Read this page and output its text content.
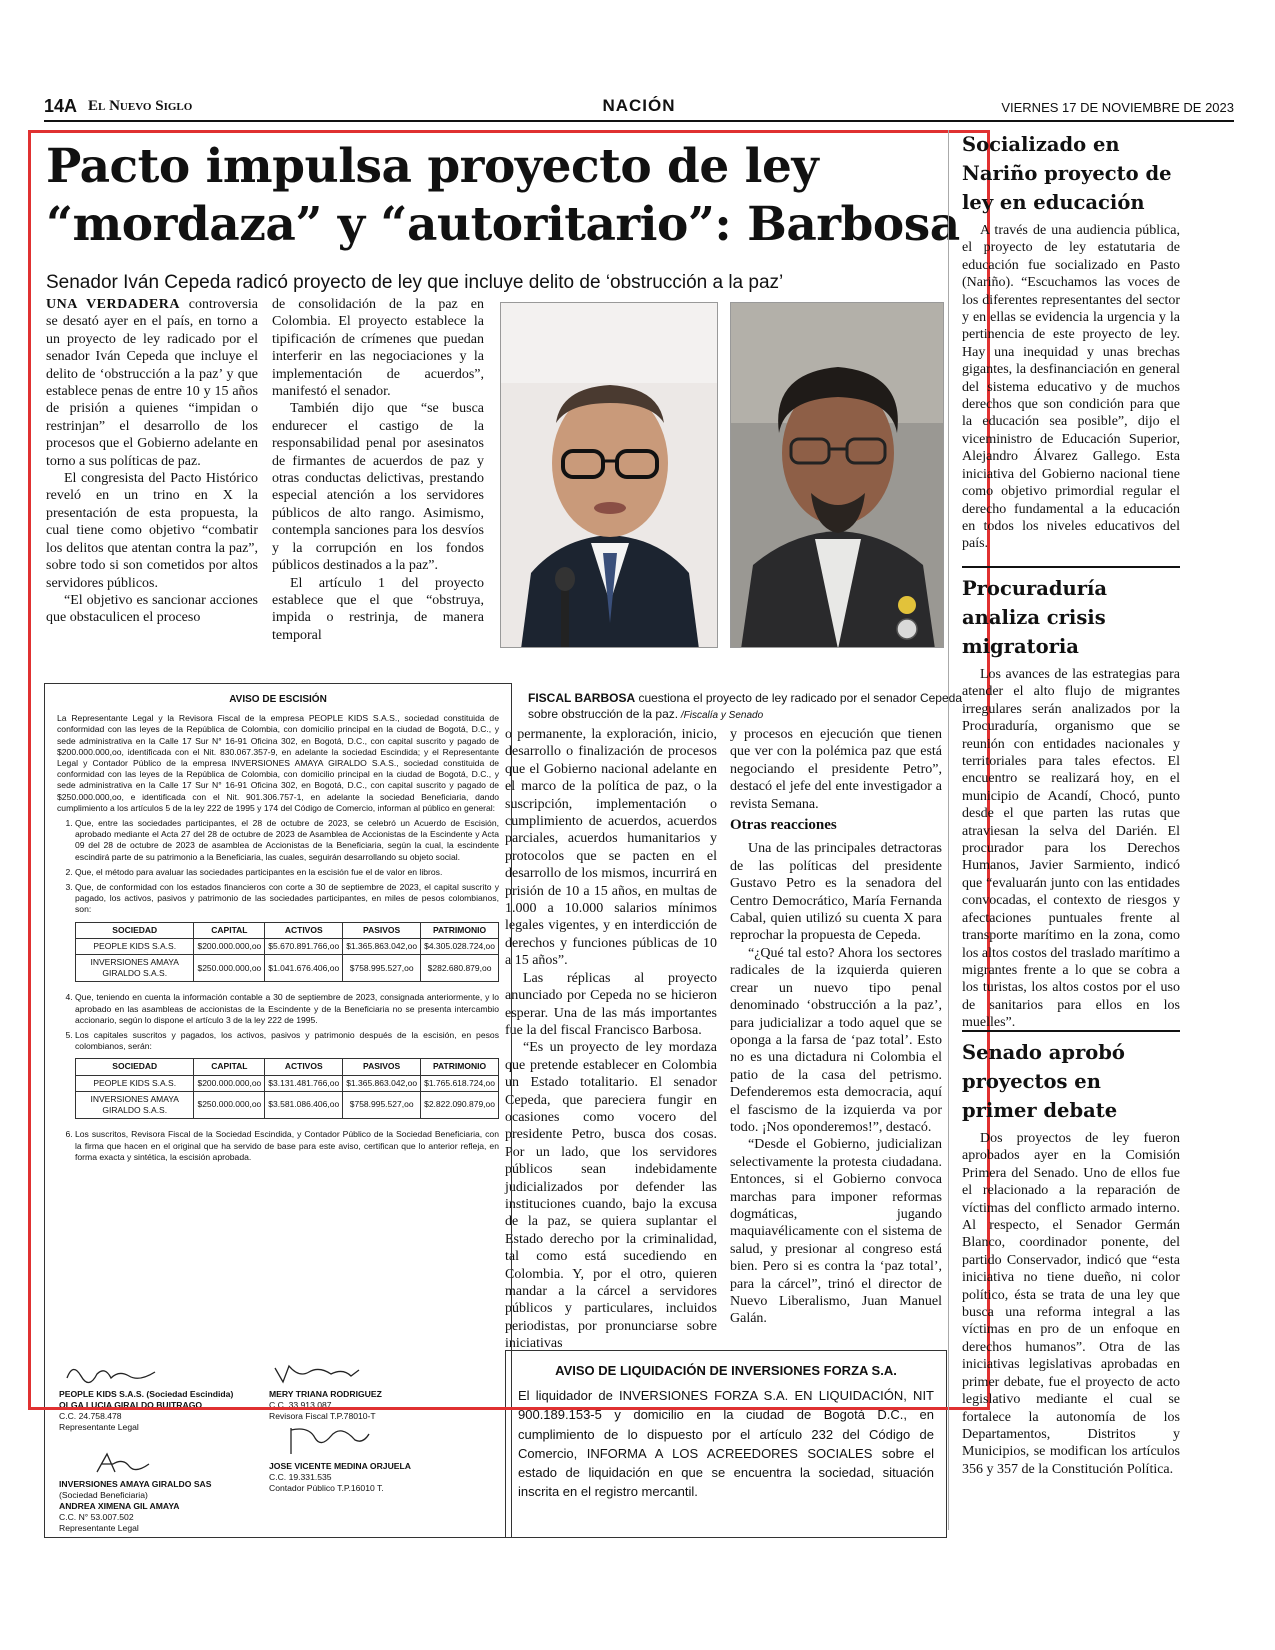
14A El Nuevo Siglo	NACIÓN	VIERNES 17 DE NOVIEMBRE DE 2023
Pacto impulsa proyecto de ley
“mordaza” y “autoritario”: Barbosa
Senador Iván Cepeda radicó proyecto de ley que incluye delito de ‘obstrucción a la paz’

UNA VERDADERA controversia se desató ayer en el país, en torno a un proyecto de ley radicado por el senador Iván Cepeda que incluye el delito de ‘obstrucción a la paz’ y que establece penas de entre 10 y 15 años de prisión a quienes “impidan o restrinjan” el desarrollo de los procesos que el Gobierno adelante en torno a sus políticas de paz.

El congresista del Pacto Histórico reveló en un trino en X la presentación de esta propuesta, la cual tiene como objetivo “combatir los delitos que atentan contra la paz”, sobre todo si son cometidos por altos servidores públicos.

“El objetivo es sancionar acciones que obstaculicen el proceso

de consolidación de la paz en Colombia. El proyecto establece la tipificación de crímenes que puedan interferir en las negociaciones y la implementación de acuerdos”, manifestó el senador.

También dijo que “se busca endurecer el castigo de la responsabilidad penal por asesinatos de firmantes de acuerdos de paz y otras conductas delictivas, prestando especial atención a los servidores públicos de alto rango. Asimismo, contempla sanciones para los desvíos y la corrupción en los fondos públicos destinados a la paz”.

El artículo 1 del proyecto establece que el que “obstruya, impida o restrinja, de manera temporal

FISCAL BARBOSA cuestiona el proyecto de ley radicado por el senador Cepeda sobre obstrucción de la paz. /Fiscalía y Senado

o permanente, la exploración, inicio, desarrollo o finalización de procesos que el Gobierno nacional adelante en el marco de la política de paz, o la suscripción, implementación o cumplimiento de acuerdos, acuerdos parciales, acuerdos humanitarios y protocolos que se pacten en el desarrollo de los mismos, incurrirá en prisión de 10 a 15 años, en multas de 1.000 a 10.000 salarios mínimos legales vigentes, y en interdicción de derechos y funciones públicas de 10 a 15 años”.

Las réplicas al proyecto anunciado por Cepeda no se hicieron esperar. Una de las más importantes fue la del fiscal Francisco Barbosa.

“Es un proyecto de ley mordaza que pretende establecer en Colombia un Estado totalitario. El senador Cepeda, que pareciera fungir en ocasiones como vocero del presidente Petro, busca dos cosas. Por un lado, que los servidores públicos sean indebidamente judicializados por defender las instituciones cuando, bajo la excusa de la paz, se quiera suplantar el Estado derecho por la criminalidad, tal como está sucediendo en Colombia. Y, por el otro, quieren mandar a la cárcel a servidores públicos y particulares, incluidos periodistas, por pronunciarse sobre iniciativas

y procesos en ejecución que tienen que ver con la polémica paz que está negociando el presidente Petro”, destacó el jefe del ente investigador a revista Semana.

Otras reacciones

Una de las principales detractoras de las políticas del presidente Gustavo Petro es la senadora del Centro Democrático, María Fernanda Cabal, quien utilizó su cuenta X para reprochar la propuesta de Cepeda.

“¿Qué tal esto? Ahora los sectores radicales de la izquierda quieren crear un nuevo tipo penal denominado ‘obstrucción a la paz’, para judicializar a todo aquel que se oponga a la farsa de ‘paz total’. Esto no es una dictadura ni Colombia el patio de la casa del petrismo. Defenderemos esta democracia, aquí el fascismo de la izquierda va por todo. ¡Nos oponderemos!”, destacó.

“Desde el Gobierno, judicializan selectivamente la protesta ciudadana. Entonces, si el Gobierno convoca marchas para imponer reformas dogmáticas, jugando maquiavélicamente con el sistema de salud, y presionar al congreso está bien. Pero si es contra la ‘paz total’, para la cárcel”, trinó el director de Nuevo Liberalismo, Juan Manuel Galán.

AVISO DE ESCISIÓN

La Representante Legal y la Revisora Fiscal de la empresa PEOPLE KIDS S.A.S., sociedad constituida de conformidad con las leyes de la República de Colombia, con domicilio principal en la ciudad de Bogotá, D.C., y sede administrativa en la Calle 17 Sur N° 16-91 Oficina 302, en Bogotá, D.C., con capital suscrito y pagado de $200.000.000,oo, identificada con el Nit. 830.067.357-9, en adelante la sociedad Escindida; y el Representante Legal y Contador Público de la empresa INVERSIONES AMAYA GIRALDO S.A.S., sociedad constituida de conformidad con las leyes de la República de Colombia, con domicilio principal en la ciudad de Bogotá, D.C., y sede administrativa en la Calle 17 Sur N° 16-91 Oficina 302, en Bogotá, D.C., con capital suscrito y pagado de $250.000.000,oo, e identificada con el Nit. 901.306.757-1, en adelante la sociedad Beneficiaria, dando cumplimiento a los artículos 5 de la ley 222 de 1995 y 174 del Código de Comercio, informan al público en general:

1. Que, entre las sociedades participantes, el 28 de octubre de 2023, se celebró un Acuerdo de Escisión, aprobado mediante el Acta 27 del 28 de octubre de 2023 de Asamblea de Accionistas de la Escindente y Acta 09 del 28 de octubre de 2023 de asamblea de Accionistas de la Beneficiaria, según la cual, la escindente escindirá parte de su patrimonio a la Beneficiaria, las cuales, seguirán desarrollando su objeto social.
2. Que, el método para avaluar las sociedades participantes en la escisión fue el de valor en libros.
3. Que, de conformidad con los estados financieros con corte a 30 de septiembre de 2023, el capital suscrito y pagado, los activos, pasivos y patrimonio de las sociedades participantes, en miles de pesos colombianos, son:
SOCIEDAD	CAPITAL	ACTIVOS	PASIVOS	PATRIMONIO
PEOPLE KIDS S.A.S.	$200.000.000,oo	$5.670.891.766,oo	$1.365.863.042,oo	$4.305.028.724,oo
INVERSIONES AMAYA GIRALDO S.A.S.	$250.000.000,oo	$1.041.676.406,oo	$758.995.527,oo	$282.680.879,oo
4. Que, teniendo en cuenta la información contable a 30 de septiembre de 2023, consignada anteriormente, y lo aprobado en las asambleas de accionistas de la Escindente y de la Beneficiaria no se presenta intercambio accionario, según lo dispone el artículo 3 de la ley 222 de 1995.
5. Los capitales suscritos y pagados, los activos, pasivos y patrimonio después de la escisión, en pesos colombianos, serán:
SOCIEDAD	CAPITAL	ACTIVOS	PASIVOS	PATRIMONIO
PEOPLE KIDS S.A.S.	$200.000.000,oo	$3.131.481.766,oo	$1.365.863.042,oo	$1.765.618.724,oo
INVERSIONES AMAYA GIRALDO S.A.S.	$250.000.000,oo	$3.581.086.406,oo	$758.995.527,oo	$2.822.090.879,oo
6. Los suscritos, Revisora Fiscal de la Sociedad Escindida, y Contador Público de la Sociedad Beneficiaria, con la firma que hacen en el original que ha servido de base para este aviso, certifican que lo anterior refleja, en forma exacta y sintética, la escisión aprobada.
PEOPLE KIDS S.A.S. (Sociedad Escindida)
OLGA LUCIA GIRALDO BUITRAGO
C.C. 24.758.478
Representante Legal
MERY TRIANA RODRIGUEZ
C.C. 33.913.087
Revisora Fiscal T.P.78010-T
INVERSIONES AMAYA GIRALDO SAS
(Sociedad Beneficiaria)
ANDREA XIMENA GIL AMAYA
C.C. N° 53.007.502
Representante Legal
JOSE VICENTE MEDINA ORJUELA
C.C. 19.331.535
Contador Público T.P.16010 T.
AVISO DE LIQUIDACIÓN DE INVERSIONES FORZA S.A.

El liquidador de INVERSIONES FORZA S.A. EN LIQUIDACIÓN, NIT 900.189.153-5 y domicilio en la ciudad de Bogotá D.C., en cumplimiento de lo dispuesto por el artículo 232 del Código de Comercio, INFORMA A LOS ACREEDORES SOCIALES sobre el estado de liquidación en que se encuentra la sociedad, situación inscrita en el registro mercantil.

Socializado en Nariño proyecto de ley en educación
A través de una audiencia pública, el proyecto de ley estatutaria de educación fue socializado en Pasto (Nariño). “Escuchamos las voces de los diferentes representantes del sector y en ellas se evidencia la urgencia y la pertinencia de este proyecto de ley. Hay una inequidad y unas brechas gigantes, la desfinanciación en general del sistema educativo y de muchos derechos que son condición para que la educación sea posible”, dijo el viceministro de Educación Superior, Alejandro Álvarez Gallego. Esta iniciativa del Gobierno nacional tiene como objetivo primordial regular el derecho fundamental a la educación en todos los niveles educativos del país.
Procuraduría analiza crisis migratoria
Los avances de las estrategias para atender el alto flujo de migrantes irregulares serán analizados por la Procuraduría, organismo que se reunión con entidades nacionales y territoriales para tales efectos. El encuentro se realizará hoy, en el municipio de Acandí, Chocó, punto desde el que parten las rutas que atraviesan la selva del Darién. El procurador para los Derechos Humanos, Javier Sarmiento, indicó que “evaluarán junto con las entidades convocadas, el contexto de riesgos y afectaciones puntuales frente al transporte marítimo en la zona, como los altos costos del traslado marítimo a migrantes frente a lo que se cobra a los turistas, los altos costos por el uso de sanitarios para ellos en los muelles”.
Senado aprobó proyectos en primer debate
Dos proyectos de ley fueron aprobados ayer en la Comisión Primera del Senado. Uno de ellos fue el relacionado a la reparación de víctimas del conflicto armado interno. Al respecto, el Senador Germán Blanco, coordinador ponente, del partido Conservador, indicó que “esta iniciativa no tiene dueño, ni color político, ésta se trata de una ley que busca una reforma integral a las víctimas en pro de un enfoque en derechos humanos”. Otra de las iniciativas legislativas aprobadas en primer debate, fue el proyecto de acto legislativo mediante el cual se fortalece la autonomía de los Departamentos, Distritos y Municipios, se modifican los artículos 356 y 357 de la Constitución Política.
